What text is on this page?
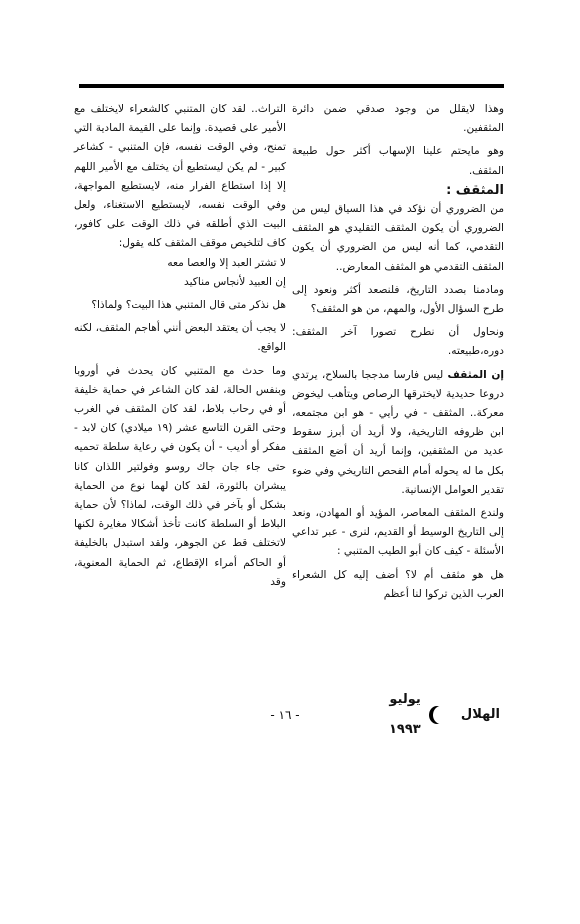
وهذا لايقلل من وجود صدقي ضمن دائرة المثقفين.

وهو مايحتم علينا الإسهاب أكثر حول طبيعة المثقف.

المثقف :

من الضروري أن نؤكد في هذا السياق ليس من الضروري أن يكون المثقف التقليدي هو المثقف التقدمي، كما أنه ليس من الضروري أن يكون المثقف التقدمي هو المثقف المعارض..

ومادمنا بصدد التاريخ، فلنصعد أكثر ونعود إلى طرح السؤال الأول، والمهم، من هو المثقف؟

ونحاول أن نطرح تصورا آخر المثقف: دوره،طبيعته.

إن المثقف ليس فارسا مدججا بالسلاح، يرتدي دروعا حديدية لايخترقها الرصاص ويتأهب ليخوض معركة.. المثقف - في رأيي - هو ابن مجتمعه، ابن ظروفه التاريخية، ولا أريد أن أبرز سقوط عديد من المثقفين، وإنما أريد أن أضع المثقف بكل ما له يحوله أمام الفحص التاريخي وفي ضوء تقدير العوامل الإنسانية.

ولندع المثقف المعاصر، المؤيد أو المهادن، ونعد إلى التاريخ الوسيط أو القديم، لنرى - عبر تداعي الأسئلة - كيف كان أبو الطيب المتنبي :

هل هو مثقف أم لا؟ أضف إليه كل الشعراء العرب الذين تركوا لنا أعظم

التراث.. لقد كان المتنبي كالشعراء لايختلف مع الأمير على قصيدة. وإنما على القيمة المادية التي تمنح، وفي الوقت نفسه، فإن المتنبي - كشاعر كبير - لم يكن ليستطيع أن يختلف مع الأمير اللهم إلا إذا استطاع الفرار منه، لايستطيع المواجهة، وفي الوقت نفسه، لايستطيع الاستغناء، ولعل البيت الذي أطلقه في ذلك الوقت على كافور، كاف لتلخيص موقف المثقف كله يقول:

لا تشتر العبد إلا والعصا معه

إن العبيد لأنجاس مناكيد

هل نذكر متى قال المتنبي هذا البيت؟ ولماذا؟

لا يجب أن يعتقد البعض أنني أهاجم المثقف، لكنه الواقع.

وما حدث مع المتنبي كان يحدث في أوروبا وبنفس الحالة، لقد كان الشاعر في حماية خليفة أو في رحاب بلاط، لقد كان المثقف في الغرب وحتى القرن التاسع عشر (١٩ ميلادي) كان لابد - مفكر أو أديب - أن يكون في رعاية سلطة تحميه حتى جاء جان جاك روسو وفولتير اللذان كانا يبشران بالثورة، لقد كان لهما نوع من الحماية بشكل أو بآخر في ذلك الوقت، لماذا؟ لأن حماية البلاط أو السلطة كانت تأخذ أشكالا مغايرة لكنها لاتختلف قط عن الجوهر، ولقد استبدل بالخليفة أو الحاكم أمراء الإقطاع، ثم الحماية المعنوية، وقد

الهلال
يوليو ١٩٩٣
- ١٦ -
